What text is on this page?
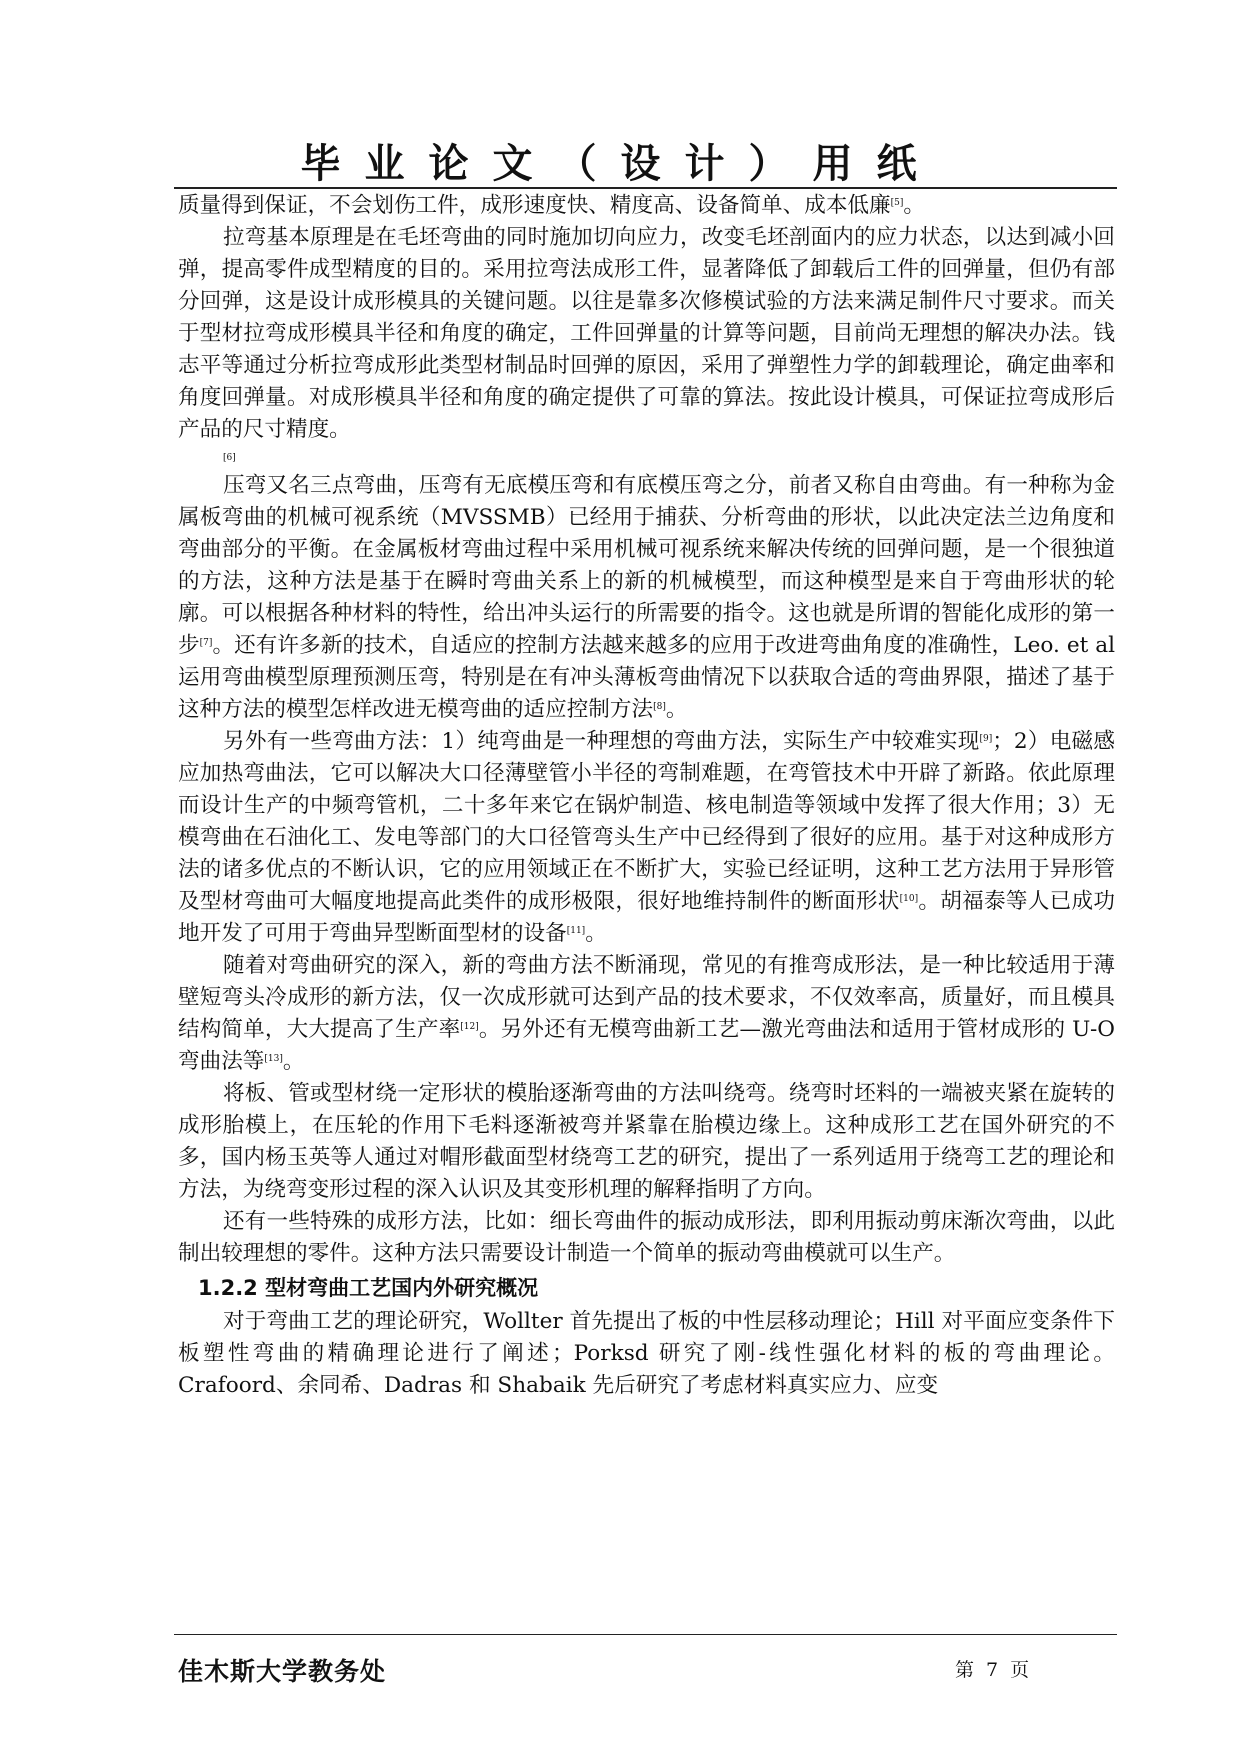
毕业论文（设计）用纸

质量得到保证，不会划伤工件，成形速度快、精度高、设备简单、成本低廉[5]。

拉弯基本原理是在毛坯弯曲的同时施加切向应力，改变毛坯剖面内的应力状态，以达到减小回弹，提高零件成型精度的目的。采用拉弯法成形工件，显著降低了卸载后工件的回弹量，但仍有部分回弹，这是设计成形模具的关键问题。以往是靠多次修模试验的方法来满足制件尺寸要求。而关于型材拉弯成形模具半径和角度的确定，工件回弹量的计算等问题，目前尚无理想的解决办法。钱志平等通过分析拉弯成形此类型材制品时回弹的原因，采用了弹塑性力学的卸载理论，确定曲率和角度回弹量。对成形模具半径和角度的确定提供了可靠的算法。按此设计模具，可保证拉弯成形后产品的尺寸精度。
[6]

压弯又名三点弯曲，压弯有无底模压弯和有底模压弯之分，前者又称自由弯曲。有一种称为金属板弯曲的机械可视系统（MVSSMB）已经用于捕获、分析弯曲的形状，以此决定法兰边角度和弯曲部分的平衡。在金属板材弯曲过程中采用机械可视系统来解决传统的回弹问题，是一个很独道的方法，这种方法是基于在瞬时弯曲关系上的新的机械模型，而这种模型是来自于弯曲形状的轮廓。可以根据各种材料的特性，给出冲头运行的所需要的指令。这也就是所谓的智能化成形的第一步[7]。还有许多新的技术，自适应的控制方法越来越多的应用于改进弯曲角度的准确性，Leo. et al 运用弯曲模型原理预测压弯，特别是在有冲头薄板弯曲情况下以获取合适的弯曲界限，描述了基于这种方法的模型怎样改进无模弯曲的适应控制方法[8]。

另外有一些弯曲方法：1）纯弯曲是一种理想的弯曲方法，实际生产中较难实现[9]；2）电磁感应加热弯曲法，它可以解决大口径薄壁管小半径的弯制难题，在弯管技术中开辟了新路。依此原理而设计生产的中频弯管机，二十多年来它在锅炉制造、核电制造等领域中发挥了很大作用；3）无模弯曲在石油化工、发电等部门的大口径管弯头生产中已经得到了很好的应用。基于对这种成形方法的诸多优点的不断认识，它的应用领域正在不断扩大，实验已经证明，这种工艺方法用于异形管及型材弯曲可大幅度地提高此类件的成形极限，很好地维持制件的断面形状[10]。胡福泰等人已成功地开发了可用于弯曲异型断面型材的设备[11]。

随着对弯曲研究的深入，新的弯曲方法不断涌现，常见的有推弯成形法，是一种比较适用于薄壁短弯头冷成形的新方法，仅一次成形就可达到产品的技术要求，不仅效率高，质量好，而且模具结构简单，大大提高了生产率[12]。另外还有无模弯曲新工艺—激光弯曲法和适用于管材成形的 U-O 弯曲法等[13]。

将板、管或型材绕一定形状的模胎逐渐弯曲的方法叫绕弯。绕弯时坯料的一端被夹紧在旋转的成形胎模上，在压轮的作用下毛料逐渐被弯并紧靠在胎模边缘上。这种成形工艺在国外研究的不多，国内杨玉英等人通过对帽形截面型材绕弯工艺的研究，提出了一系列适用于绕弯工艺的理论和方法，为绕弯变形过程的深入认识及其变形机理的解释指明了方向。

还有一些特殊的成形方法，比如：细长弯曲件的振动成形法，即利用振动剪床渐次弯曲，以此制出较理想的零件。这种方法只需要设计制造一个简单的振动弯曲模就可以生产。

1.2.2 型材弯曲工艺国内外研究概况

对于弯曲工艺的理论研究，Wollter 首先提出了板的中性层移动理论；Hill 对平面应变条件下板塑性弯曲的精确理论进行了阐述；Porksd 研究了刚-线性强化材料的板的弯曲理论。Crafoord、余同希、Dadras 和 Shabaik 先后研究了考虑材料真实应力、应变

佳木斯大学教务处	第 7 页
